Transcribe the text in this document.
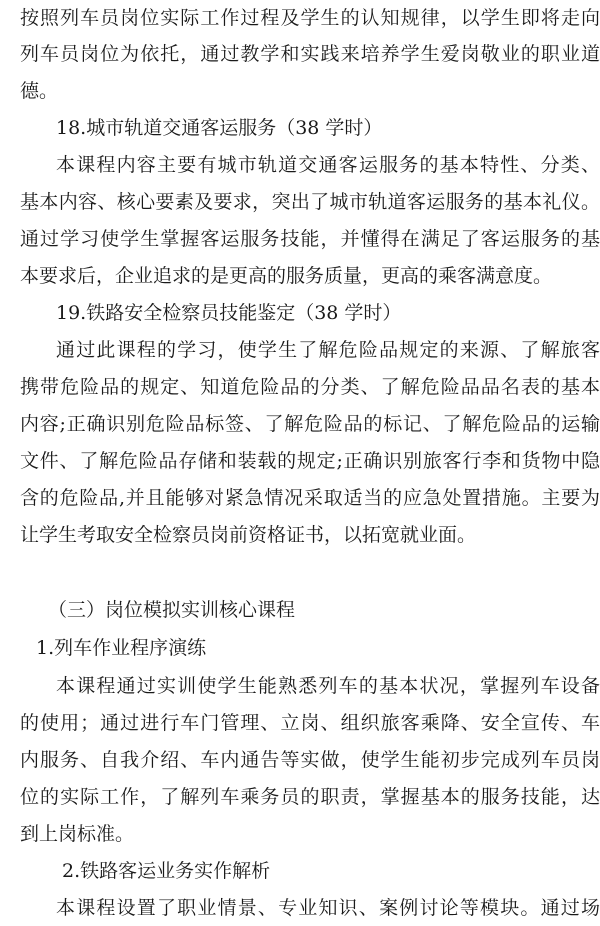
按照列车员岗位实际工作过程及学生的认知规律，以学生即将走向
列车员岗位为依托，通过教学和实践来培养学生爱岗敬业的职业道
德。
18.城市轨道交通客运服务（38 学时）
本课程内容主要有城市轨道交通客运服务的基本特性、分类、
基本内容、核心要素及要求，突出了城市轨道客运服务的基本礼仪。
通过学习使学生掌握客运服务技能，并懂得在满足了客运服务的基
本要求后，企业追求的是更高的服务质量，更高的乘客满意度。
19.铁路安全检察员技能鉴定（38 学时）
通过此课程的学习，使学生了解危险品规定的来源、了解旅客
携带危险品的规定、知道危险品的分类、了解危险品品名表的基本
内容;正确识别危险品标签、了解危险品的标记、了解危险品的运输
文件、了解危险品存储和装载的规定;正确识别旅客行李和货物中隐
含的危险品,并且能够对紧急情况采取适当的应急处置措施。主要为
让学生考取安全检察员岗前资格证书，以拓宽就业面。
（三）岗位模拟实训核心课程
1.列车作业程序演练
本课程通过实训使学生能熟悉列车的基本状况，掌握列车设备
的使用；通过进行车门管理、立岗、组织旅客乘降、安全宣传、车
内服务、自我介绍、车内通告等实做，使学生能初步完成列车员岗
位的实际工作，了解列车乘务员的职责，掌握基本的服务技能，达
到上岗标准。
2.铁路客运业务实作解析
本课程设置了职业情景、专业知识、案例讨论等模块。通过场
